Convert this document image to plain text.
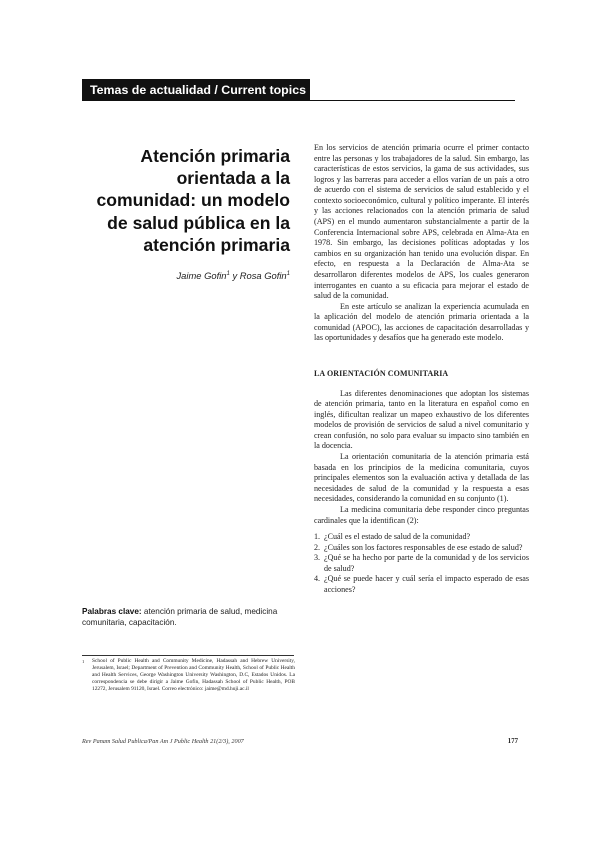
Temas de actualidad / Current topics
Atención primaria orientada a la comunidad: un modelo de salud pública en la atención primaria
Jaime Gofin$^1$ y Rosa Gofin$^1$
Palabras clave: atención primaria de salud, medicina comunitaria, capacitación.
1	School of Public Health and Community Medicine, Hadassah and Hebrew University, Jerusalem, Israel; Department of Prevention and Community Health, School of Public Health and Health Services, George Washington University Washington, D.C, Estados Unidos. La correspondencia se debe dirigir a Jaime Gofin, Hadassah School of Public Health, POB 12272, Jerusalem 91120, Israel. Correo electrónico: jaime@md.huji.ac.il

En los servicios de atención primaria ocurre el primer contacto entre las personas y los trabajadores de la salud. Sin embargo, las características de estos servicios, la gama de sus actividades, sus logros y las barreras para acceder a ellos varían de un país a otro de acuerdo con el sistema de servicios de salud establecido y el contexto socioeconómico, cultural y político imperante. El interés y las acciones relacionados con la atención primaria de salud (APS) en el mundo aumentaron substancialmente a partir de la Conferencia Internacional sobre APS, celebrada en Alma-Ata en 1978. Sin embargo, las decisiones políticas adoptadas y los cambios en su organización han tenido una evolución dispar. En efecto, en respuesta a la Declaración de Alma-Ata se desarrollaron diferentes modelos de APS, los cuales generaron interrogantes en cuanto a su eficacia para mejorar el estado de salud de la comunidad.

En este artículo se analizan la experiencia acumulada en la aplicación del modelo de atención primaria orientada a la comunidad (APOC), las acciones de capacitación desarrolladas y las oportunidades y desafíos que ha generado este modelo.

LA ORIENTACIÓN COMUNITARIA

Las diferentes denominaciones que adoptan los sistemas de atención primaria, tanto en la literatura en español como en inglés, dificultan realizar un mapeo exhaustivo de los diferentes modelos de provisión de servicios de salud a nivel comunitario y crean confusión, no solo para evaluar su impacto sino también en la docencia.

La orientación comunitaria de la atención primaria está basada en los principios de la medicina comunitaria, cuyos principales elementos son la evaluación activa y detallada de las necesidades de salud de la comunidad y la respuesta a esas necesidades, considerando la comunidad en su conjunto (1).

La medicina comunitaria debe responder cinco preguntas cardinales que la identifican (2):

1. ¿Cuál es el estado de salud de la comunidad?
2. ¿Cuáles son los factores responsables de ese estado de salud?
3. ¿Qué se ha hecho por parte de la comunidad y de los servicios de salud?
4. ¿Qué se puede hacer y cuál sería el impacto esperado de esas acciones?
Rev Panam Salud Publica/Pan Am J Public Health 21(2/3), 2007	177
